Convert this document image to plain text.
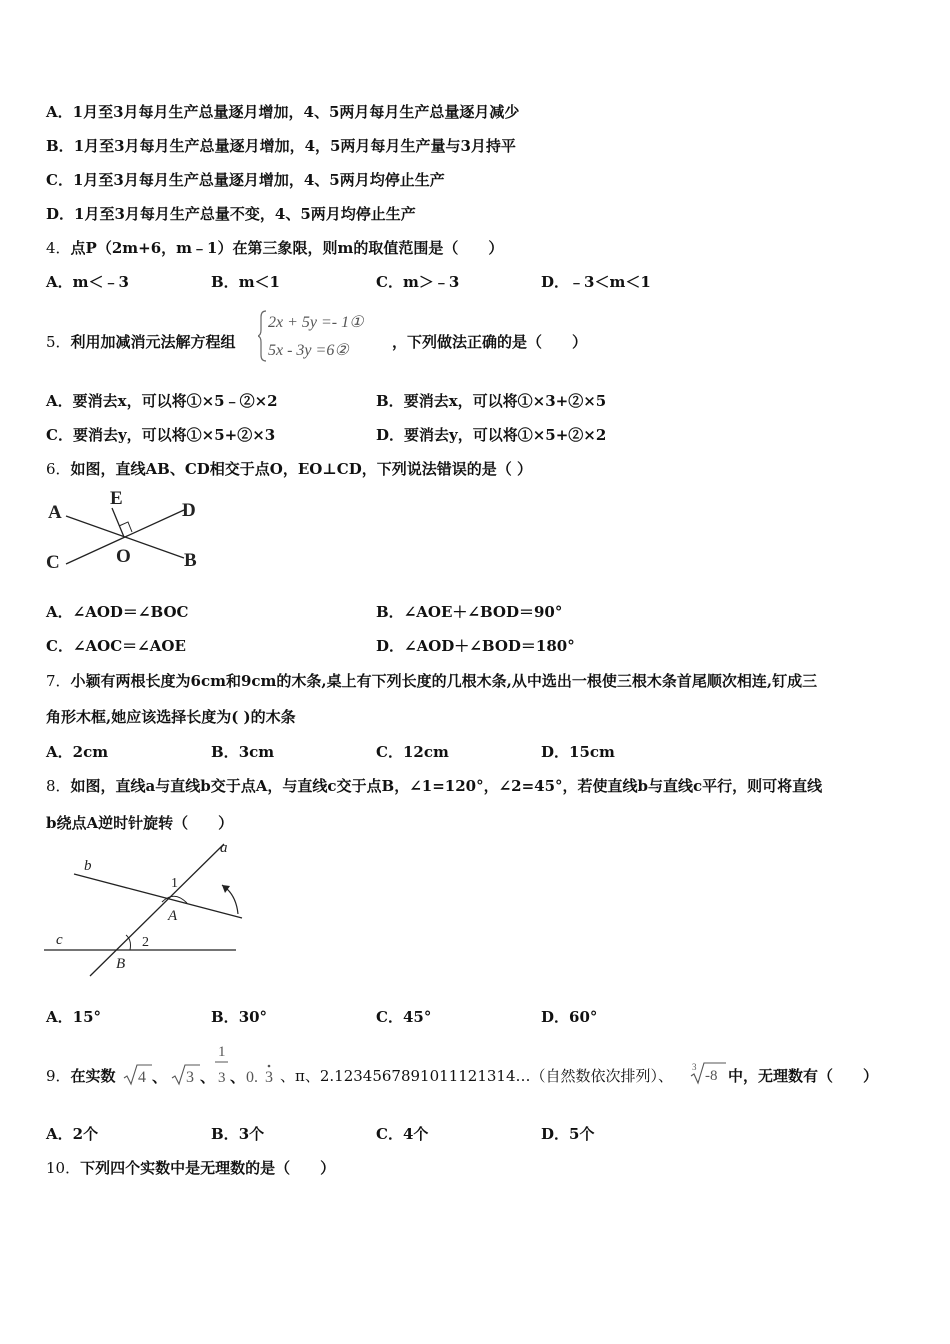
A．1月至3月每月生产总量逐月增加，4、5两月每月生产总量逐月减少
B．1月至3月每月生产总量逐月增加，4，5两月每月生产量与3月持平
C．1月至3月每月生产总量逐月增加，4、5两月均停止生产
D．1月至3月每月生产总量不变，4、5两月均停止生产
4．点P（2m+6，m﹣1）在第三象限，则m的取值范围是（　　）
A．m＜﹣3	B．m＜1	C．m＞﹣3	D．﹣3＜m＜1
5．利用加减消元法解方程组
2x + 5y =- 1①
5x - 3y =6②	，下列做法正确的是（　　）
A．要消去x，可以将①×5﹣②×2	B．要消去x，可以将①×3+②×5
C．要消去y，可以将①×5+②×3	D．要消去y，可以将①×5+②×2
6．如图，直线AB、CD相交于点O，EO⊥CD，下列说法错误的是（ ）
A
E
D
C	O	B
A．∠AOD＝∠BOC	B．∠AOE＋∠BOD＝90°
C．∠AOC＝∠AOE	D．∠AOD＋∠BOD＝180°
7．小颖有两根长度为6cm和9cm的木条,桌上有下列长度的几根木条,从中选出一根使三根木条首尾顺次相连,钉成三
角形木框,她应该选择长度为( )的木条
A．2cm	B．3cm	C．12cm	D．15cm
8．如图，直线a与直线b交于点A，与直线c交于点B，∠1=120°，∠2=45°，若使直线b与直线c平行，则可将直线
b绕点A逆时针旋转（　　）
a
b
c
1
2
A
B
A．15°	B．30°	C．45°	D．60°
9．在实数 4 、 3 、
1
3 、 0. 3 、π、2.1234567891011121314…（自然数依次排列）、 3
-8 中，无理数有（　　）
A．2个	B．3个	C．4个	D．5个
10．下列四个实数中是无理数的是（　　）
